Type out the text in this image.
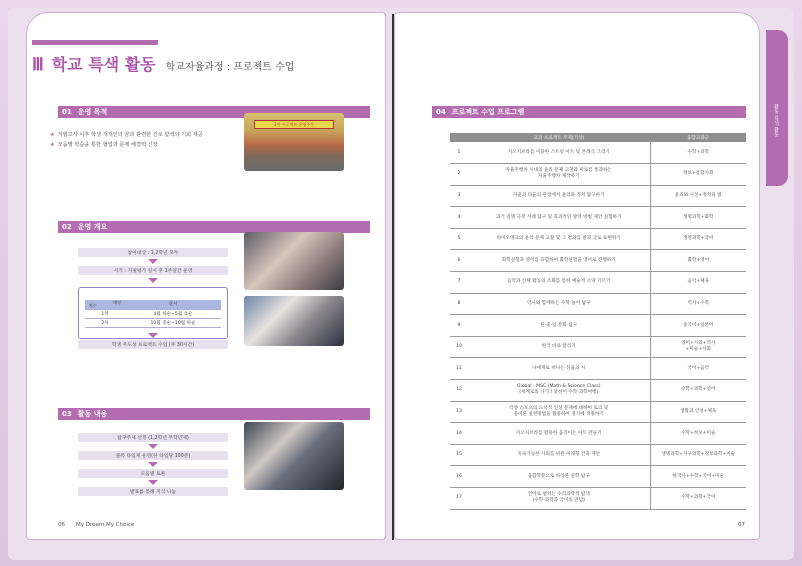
Ⅲ 학교 특색 활동 학교자율과정 : 프로젝트 수업
01 운영 목적
★ 지필고사 이후 학생 개개인의 꿈과 관련한 진로 탐색의 기회 제공
★ 모둠별 학습을 통한 협업과 문제 해결력 신장
2차 프로젝트 운영주간
02 운영 개요
참여대상 : 1,2학년 모두
시기 : 지필평가 실시 후 1주일간 운영
예정
차수	실시
1차	4월 하순~5월 초순
2차	10월 중순~10월 하순
학생 주도성 프로젝트 수업 (주 30시간)
03 활동 내용
탐구주제 선정 (1,2학년 무학년제)
블록 타임제 운영(한 타임당 100분)
모둠별 토론
발표를 통해 지식 나눔
06 My Dream My Choice
04 프로젝트 수업 프로그램
	교과 프로젝트 주제(기상)	융합교과군
1	지오지브라를 이용한 스트링 아트 및 본래식 그리기	수학+과학
2	자율주행차 시대의 윤리 문제 고찰과 미로를 통과하는
자율주행차 제작하기	정보+통합사회
3	자율과 타율의 관점에서 윤리와 정치 탐구하기	윤리와 사상+정치와 법
4	과거 질병 극복 사례 탐구 및 효과적인 방역 방법 제안 실험하기	생명과학+화학
5	바이오테크의 윤리 문제 고찰 및 그 결과를 말과 글로 표현하기	생명과학+국어
6	화학실험과 영어를 융합하여 화학실험을 영어로 진행하기	화학+영어
7	음악과 신체 활동의 조화를 통한 예술적 소양 기르기	음악+체육
8	역사와 함께하는 수학 놀이 탐구	역사+수학
9	한·중·일 문화 탐구	중국어+일본어
10	한국 바로 알리기	영어+지리+역사
+미술+사회
11	나에게로 떠나는 선율과 시	국어+음악
12	Global - MSC (Math & Science Class)
(세계로의 나가 / 낯선어 수학·과학여행)	수학+과학+영어
13	각종 스포츠의 도덕적 인성 문제에 대하여 토의 및
올바른 실천방법을 활용하여 경기에 적용하기	생활과 인성+체육
14	지오지브라를 활용한 움직이는 아트 만들기	수학+정보+미술
15	지속가능한 사회를 위한 미래형 건축 제안	생명과학+지구과학+정보과학+미술
16	융합학문으로 바라본 실학 탐구	한국사+수학+국어+미술
17	언어로 펼치는 수리과학적 탐색
(수학·과학과 국어의 만남)	수학+과학+국어
07
활동 특색 활동
